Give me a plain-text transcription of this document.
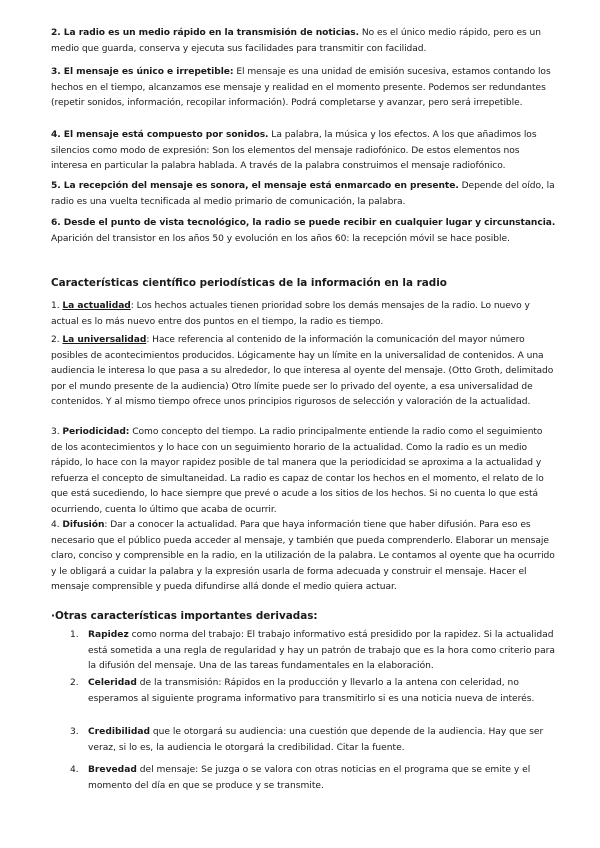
2. La radio es un medio rápido en la transmisión de noticias. No es el único medio rápido, pero es un medio que guarda, conserva y ejecuta sus facilidades para transmitir con facilidad.

3. El mensaje es único e irrepetible: El mensaje es una unidad de emisión sucesiva, estamos contando los hechos en el tiempo, alcanzamos ese mensaje y realidad en el momento presente. Podemos ser redundantes (repetir sonidos, información, recopilar información). Podrá completarse y avanzar, pero será irrepetible.

4. El mensaje está compuesto por sonidos. La palabra, la música y los efectos. A los que añadimos los silencios como modo de expresión: Son los elementos del mensaje radiofónico. De estos elementos nos interesa en particular la palabra hablada. A través de la palabra construimos el mensaje radiofónico.

5. La recepción del mensaje es sonora, el mensaje está enmarcado en presente. Depende del oído, la radio es una vuelta tecnificada al medio primario de comunicación, la palabra.

6. Desde el punto de vista tecnológico, la radio se puede recibir en cualquier lugar y circunstancia. Aparición del transistor en los años 50 y evolución en los años 60: la recepción móvil se hace posible.

Características científico periodísticas de la información en la radio

1. La actualidad: Los hechos actuales tienen prioridad sobre los demás mensajes de la radio. Lo nuevo y actual es lo más nuevo entre dos puntos en el tiempo, la radio es tiempo.

2. La universalidad: Hace referencia al contenido de la información la comunicación del mayor número posibles de acontecimientos producidos. Lógicamente hay un límite en la universalidad de contenidos. A una audiencia le interesa lo que pasa a su alrededor, lo que interesa al oyente del mensaje. (Otto Groth, delimitado por el mundo presente de la audiencia) Otro límite puede ser lo privado del oyente, a esa universalidad de contenidos. Y al mismo tiempo ofrece unos principios rigurosos de selección y valoración de la actualidad.

3. Periodicidad: Como concepto del tiempo. La radio principalmente entiende la radio como el seguimiento de los acontecimientos y lo hace con un seguimiento horario de la actualidad. Como la radio es un medio rápido, lo hace con la mayor rapidez posible de tal manera que la periodicidad se aproxima a la actualidad y refuerza el concepto de simultaneidad. La radio es capaz de contar los hechos en el momento, el relato de lo que está sucediendo, lo hace siempre que prevé o acude a los sitios de los hechos. Si no cuenta lo que está ocurriendo, cuenta lo último que acaba de ocurrir.

4. Difusión: Dar a conocer la actualidad. Para que haya información tiene que haber difusión. Para eso es necesario que el público pueda acceder al mensaje, y también que pueda comprenderlo. Elaborar un mensaje claro, conciso y comprensible en la radio, en la utilización de la palabra. Le contamos al oyente que ha ocurrido y le obligará a cuidar la palabra y la expresión usarla de forma adecuada y construir el mensaje. Hacer el mensaje comprensible y pueda difundirse allá donde el medio quiera actuar.

·Otras características importantes derivadas:
1. Rapidez como norma del trabajo: El trabajo informativo está presidido por la rapidez. Si la actualidad está sometida a una regla de regularidad y hay un patrón de trabajo que es la hora como criterio para la difusión del mensaje. Una de las tareas fundamentales en la elaboración.

2. Celeridad de la transmisión: Rápidos en la producción y llevarlo a la antena con celeridad, no esperamos al siguiente programa informativo para transmitirlo si es una noticia nueva de interés.

3. Credibilidad que le otorgará su audiencia: una cuestión que depende de la audiencia. Hay que ser veraz, si lo es, la audiencia le otorgará la credibilidad. Citar la fuente.

4. Brevedad del mensaje: Se juzga o se valora con otras noticias en el programa que se emite y el momento del día en que se produce y se transmite.
